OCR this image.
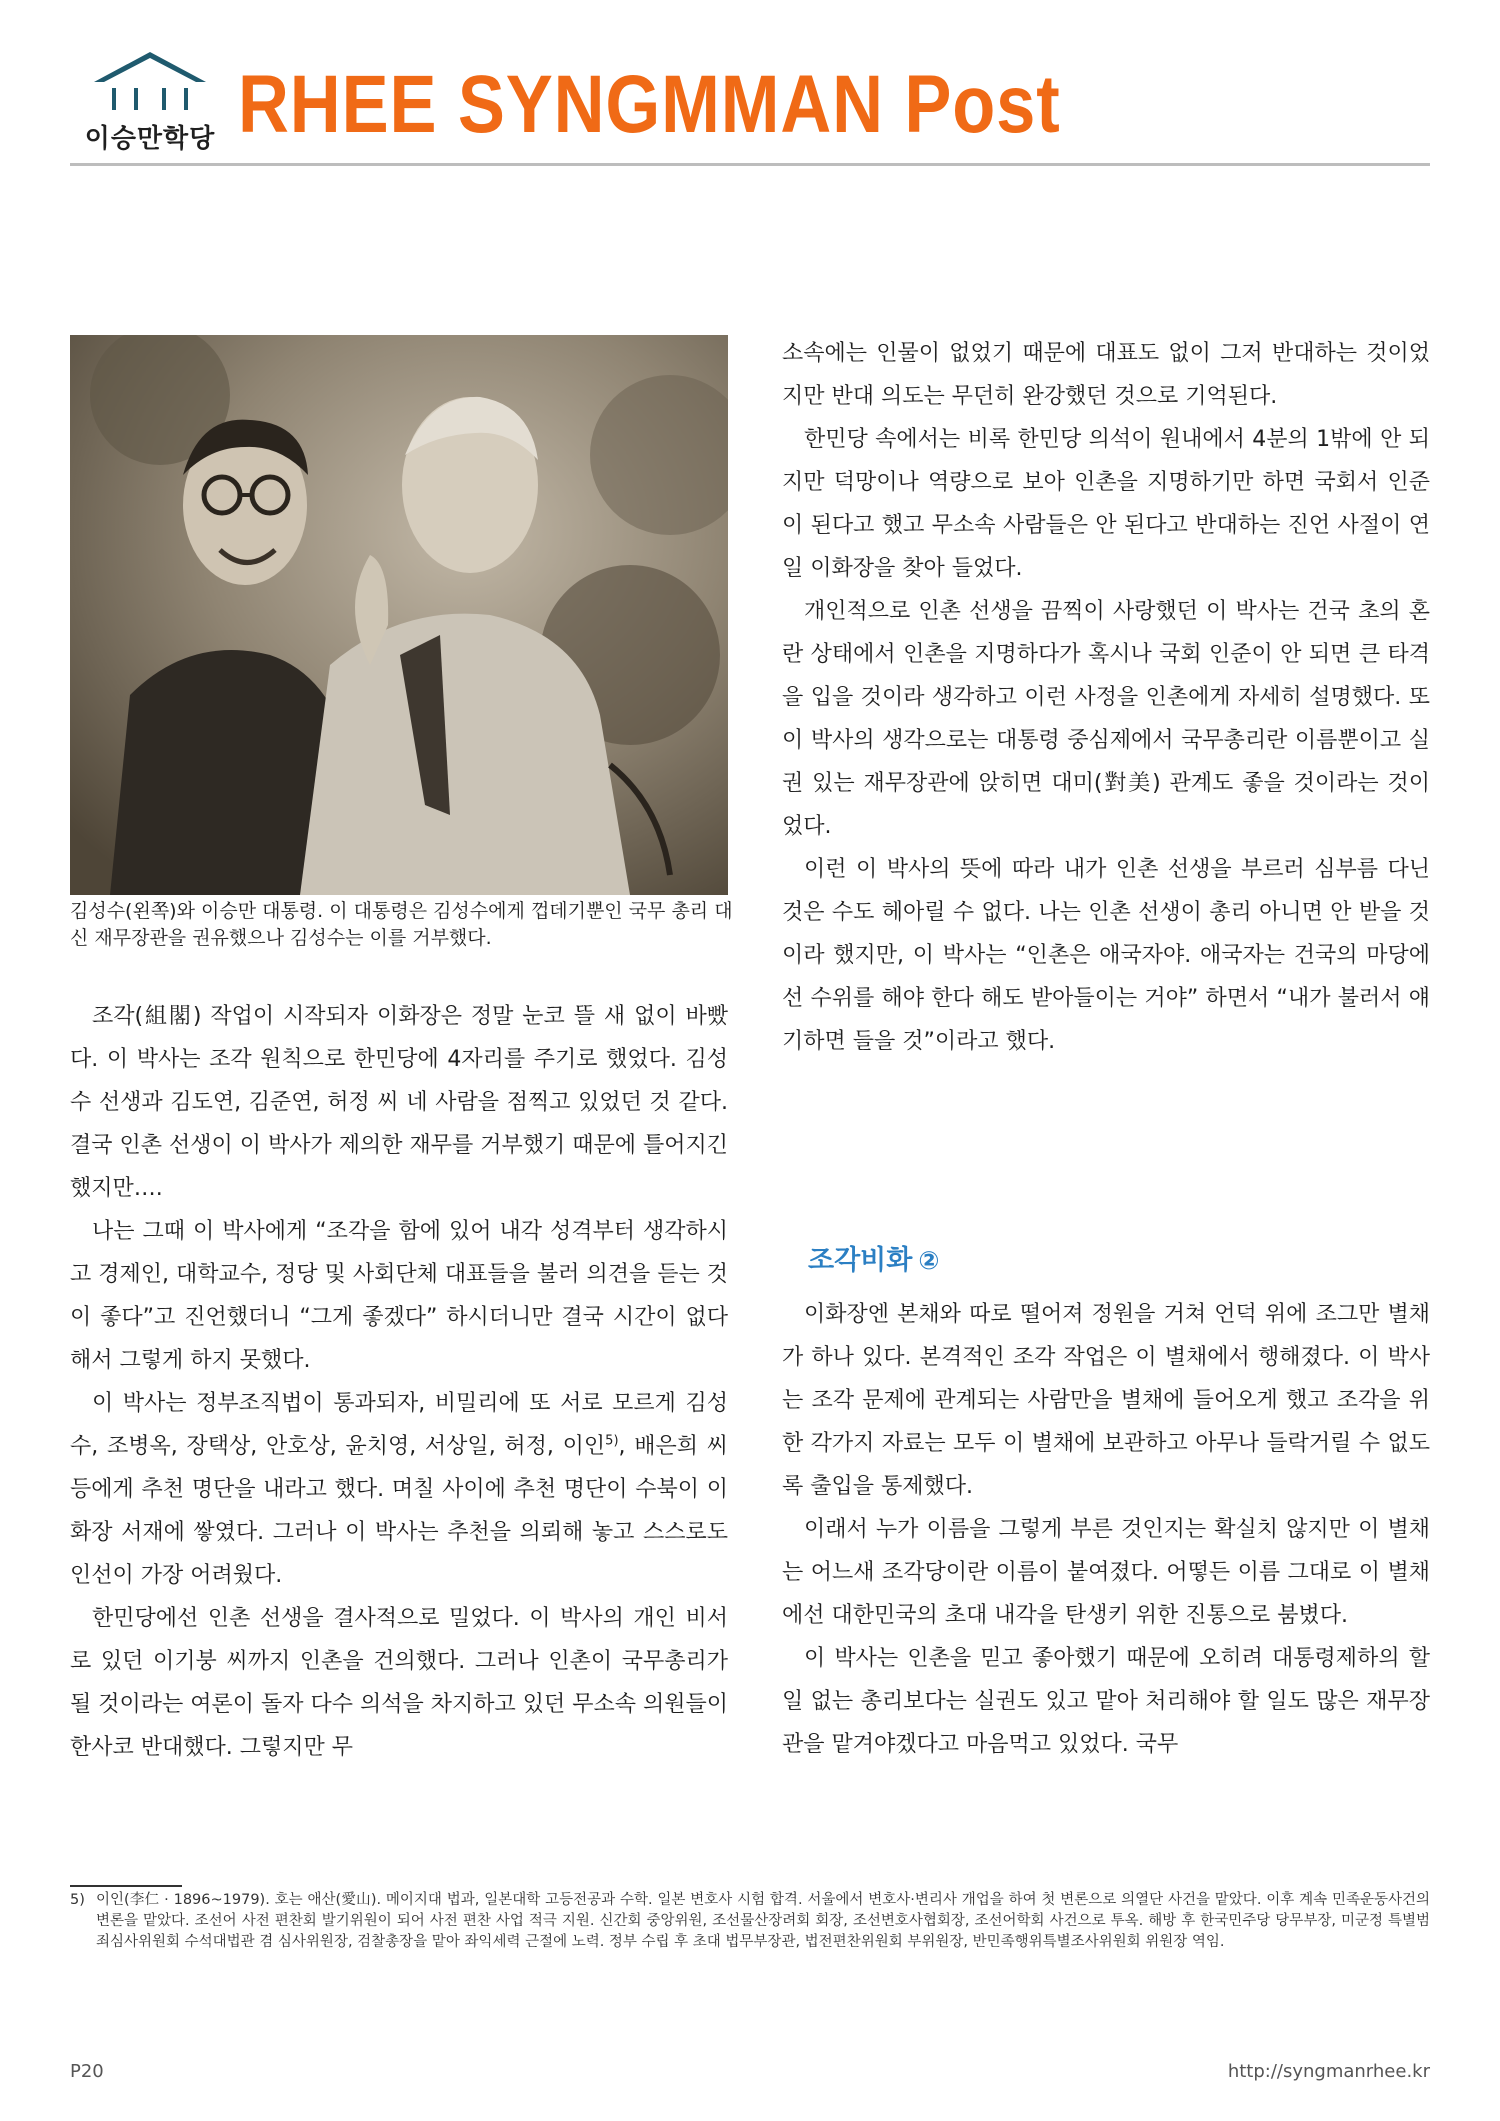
이승만학당 RHEE SYNGMMAN Post
김성수(왼쪽)와 이승만 대통령. 이 대통령은 김성수에게 껍데기뿐인 국무 총리 대신 재무장관을 권유했으나 김성수는 이를 거부했다.

조각(組閣) 작업이 시작되자 이화장은 정말 눈코 뜰 새 없이 바빴다. 이 박사는 조각 원칙으로 한민당에 4자리를 주기로 했었다. 김성수 선생과 김도연, 김준연, 허정 씨 네 사람을 점찍고 있었던 것 같다. 결국 인촌 선생이 이 박사가 제의한 재무를 거부했기 때문에 틀어지긴 했지만….

나는 그때 이 박사에게 “조각을 함에 있어 내각 성격부터 생각하시고 경제인, 대학교수, 정당 및 사회단체 대표들을 불러 의견을 듣는 것이 좋다”고 진언했더니 “그게 좋겠다” 하시더니만 결국 시간이 없다 해서 그렇게 하지 못했다.

이 박사는 정부조직법이 통과되자, 비밀리에 또 서로 모르게 김성수, 조병옥, 장택상, 안호상, 윤치영, 서상일, 허정, 이인$^{5)}$, 배은희 씨 등에게 추천 명단을 내라고 했다. 며칠 사이에 추천 명단이 수북이 이화장 서재에 쌓였다. 그러나 이 박사는 추천을 의뢰해 놓고 스스로도 인선이 가장 어려웠다.

한민당에선 인촌 선생을 결사적으로 밀었다. 이 박사의 개인 비서로 있던 이기붕 씨까지 인촌을 건의했다. 그러나 인촌이 국무총리가 될 것이라는 여론이 돌자 다수 의석을 차지하고 있던 무소속 의원들이 한사코 반대했다. 그렇지만 무

소속에는 인물이 없었기 때문에 대표도 없이 그저 반대하는 것이었지만 반대 의도는 무던히 완강했던 것으로 기억된다.

한민당 속에서는 비록 한민당 의석이 원내에서 4분의 1밖에 안 되지만 덕망이나 역량으로 보아 인촌을 지명하기만 하면 국회서 인준이 된다고 했고 무소속 사람들은 안 된다고 반대하는 진언 사절이 연일 이화장을 찾아 들었다.

개인적으로 인촌 선생을 끔찍이 사랑했던 이 박사는 건국 초의 혼란 상태에서 인촌을 지명하다가 혹시나 국회 인준이 안 되면 큰 타격을 입을 것이라 생각하고 이런 사정을 인촌에게 자세히 설명했다. 또 이 박사의 생각으로는 대통령 중심제에서 국무총리란 이름뿐이고 실권 있는 재무장관에 앉히면 대미(對美) 관계도 좋을 것이라는 것이었다.

이런 이 박사의 뜻에 따라 내가 인촌 선생을 부르러 심부름 다닌 것은 수도 헤아릴 수 없다. 나는 인촌 선생이 총리 아니면 안 받을 것이라 했지만, 이 박사는 “인촌은 애국자야. 애국자는 건국의 마당에선 수위를 해야 한다 해도 받아들이는 거야” 하면서 “내가 불러서 얘기하면 들을 것”이라고 했다.

조각비화 ②

이화장엔 본채와 따로 떨어져 정원을 거쳐 언덕 위에 조그만 별채가 하나 있다. 본격적인 조각 작업은 이 별채에서 행해졌다. 이 박사는 조각 문제에 관계되는 사람만을 별채에 들어오게 했고 조각을 위한 각가지 자료는 모두 이 별채에 보관하고 아무나 들락거릴 수 없도록 출입을 통제했다.

이래서 누가 이름을 그렇게 부른 것인지는 확실치 않지만 이 별채는 어느새 조각당이란 이름이 붙여졌다. 어떻든 이름 그대로 이 별채에선 대한민국의 초대 내각을 탄생키 위한 진통으로 붐볐다.

이 박사는 인촌을 믿고 좋아했기 때문에 오히려 대통령제하의 할 일 없는 총리보다는 실권도 있고 맡아 처리해야 할 일도 많은 재무장관을 맡겨야겠다고 마음먹고 있었다. 국무

5) 이인(李仁 · 1896~1979). 호는 애산(愛山). 메이지대 법과, 일본대학 고등전공과 수학. 일본 변호사 시험 합격. 서울에서 변호사·변리사 개업을 하여 첫 변론으로 의열단 사건을 맡았다. 이후 계속 민족운동사건의 변론을 맡았다. 조선어 사전 편찬회 발기위원이 되어 사전 편찬 사업 적극 지원. 신간회 중앙위원, 조선물산장려회 회장, 조선변호사협회장, 조선어학회 사건으로 투옥. 해방 후 한국민주당 당무부장, 미군정 특별범죄심사위원회 수석대법관 겸 심사위원장, 검찰총장을 맡아 좌익세력 근절에 노력. 정부 수립 후 초대 법무부장관, 법전편찬위원회 부위원장, 반민족행위특별조사위원회 위원장 역임.
P20	http://syngmanrhee.kr
